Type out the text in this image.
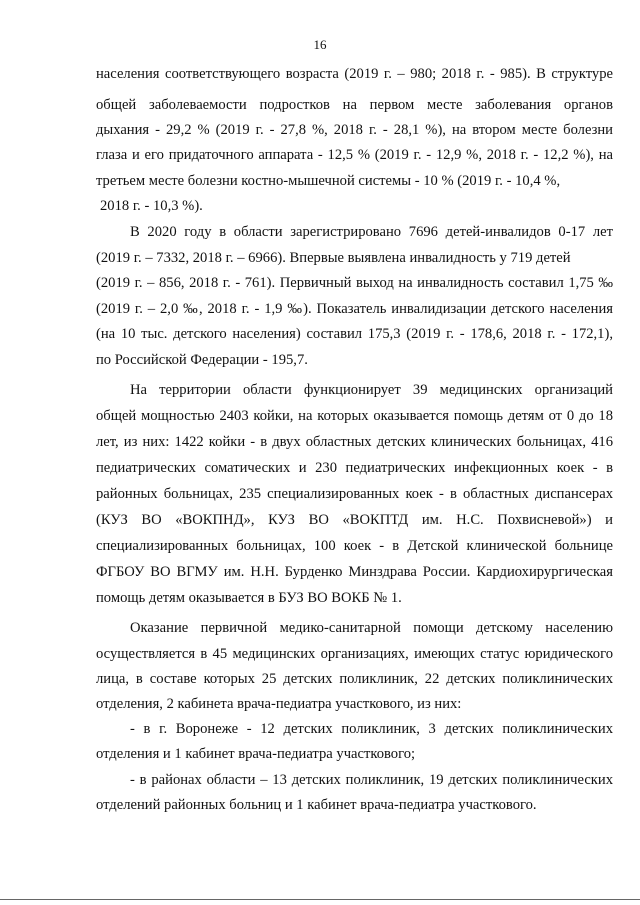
16
населения соответствующего возраста (2019 г. – 980; 2018 г. - 985). В структуре
общей заболеваемости подростков на первом месте заболевания органов
дыхания - 29,2 % (2019 г. - 27,8 %, 2018 г. - 28,1 %), на втором месте болезни
глаза и его придаточного аппарата - 12,5 % (2019 г. - 12,9 %, 2018 г. - 12,2 %), на
третьем месте болезни костно-мышечной системы - 10 % (2019 г. - 10,4 %,
2018 г. - 10,3 %).
В 2020 году в области зарегистрировано 7696 детей-инвалидов 0-17 лет
(2019 г. – 7332, 2018 г. – 6966). Впервые выявлена инвалидность у 719 детей
(2019 г. – 856, 2018 г. - 761). Первичный выход на инвалидность составил 1,75 ‰
(2019 г. – 2,0 ‰, 2018 г. - 1,9 ‰). Показатель инвалидизации детского населения
(на 10 тыс. детского населения) составил 175,3 (2019 г. - 178,6, 2018 г. - 172,1),
по Российской Федерации - 195,7.
На территории области функционирует 39 медицинских организаций
общей мощностью 2403 койки, на которых оказывается помощь детям от 0 до 18
лет, из них: 1422 койки - в двух областных детских клинических больницах, 416
педиатрических соматических и 230 педиатрических инфекционных коек - в
районных больницах, 235 специализированных коек - в областных диспансерах
(КУЗ ВО «ВОКПНД», КУЗ ВО «ВОКПТД им. Н.С. Похвисневой») и
специализированных больницах, 100 коек - в Детской клинической больнице
ФГБОУ ВО ВГМУ им. Н.Н. Бурденко Минздрава России. Кардиохирургическая
помощь детям оказывается в БУЗ ВО ВОКБ № 1.
Оказание первичной медико-санитарной помощи детскому населению
осуществляется в 45 медицинских организациях, имеющих статус юридического
лица, в составе которых 25 детских поликлиник, 22 детских поликлинических
отделения, 2 кабинета врача-педиатра участкового, из них:
- в г. Воронеже - 12 детских поликлиник, 3 детских поликлинических
отделения и 1 кабинет врача-педиатра участкового;
- в районах области – 13 детских поликлиник, 19 детских поликлинических
отделений районных больниц и 1 кабинет врача-педиатра участкового.
